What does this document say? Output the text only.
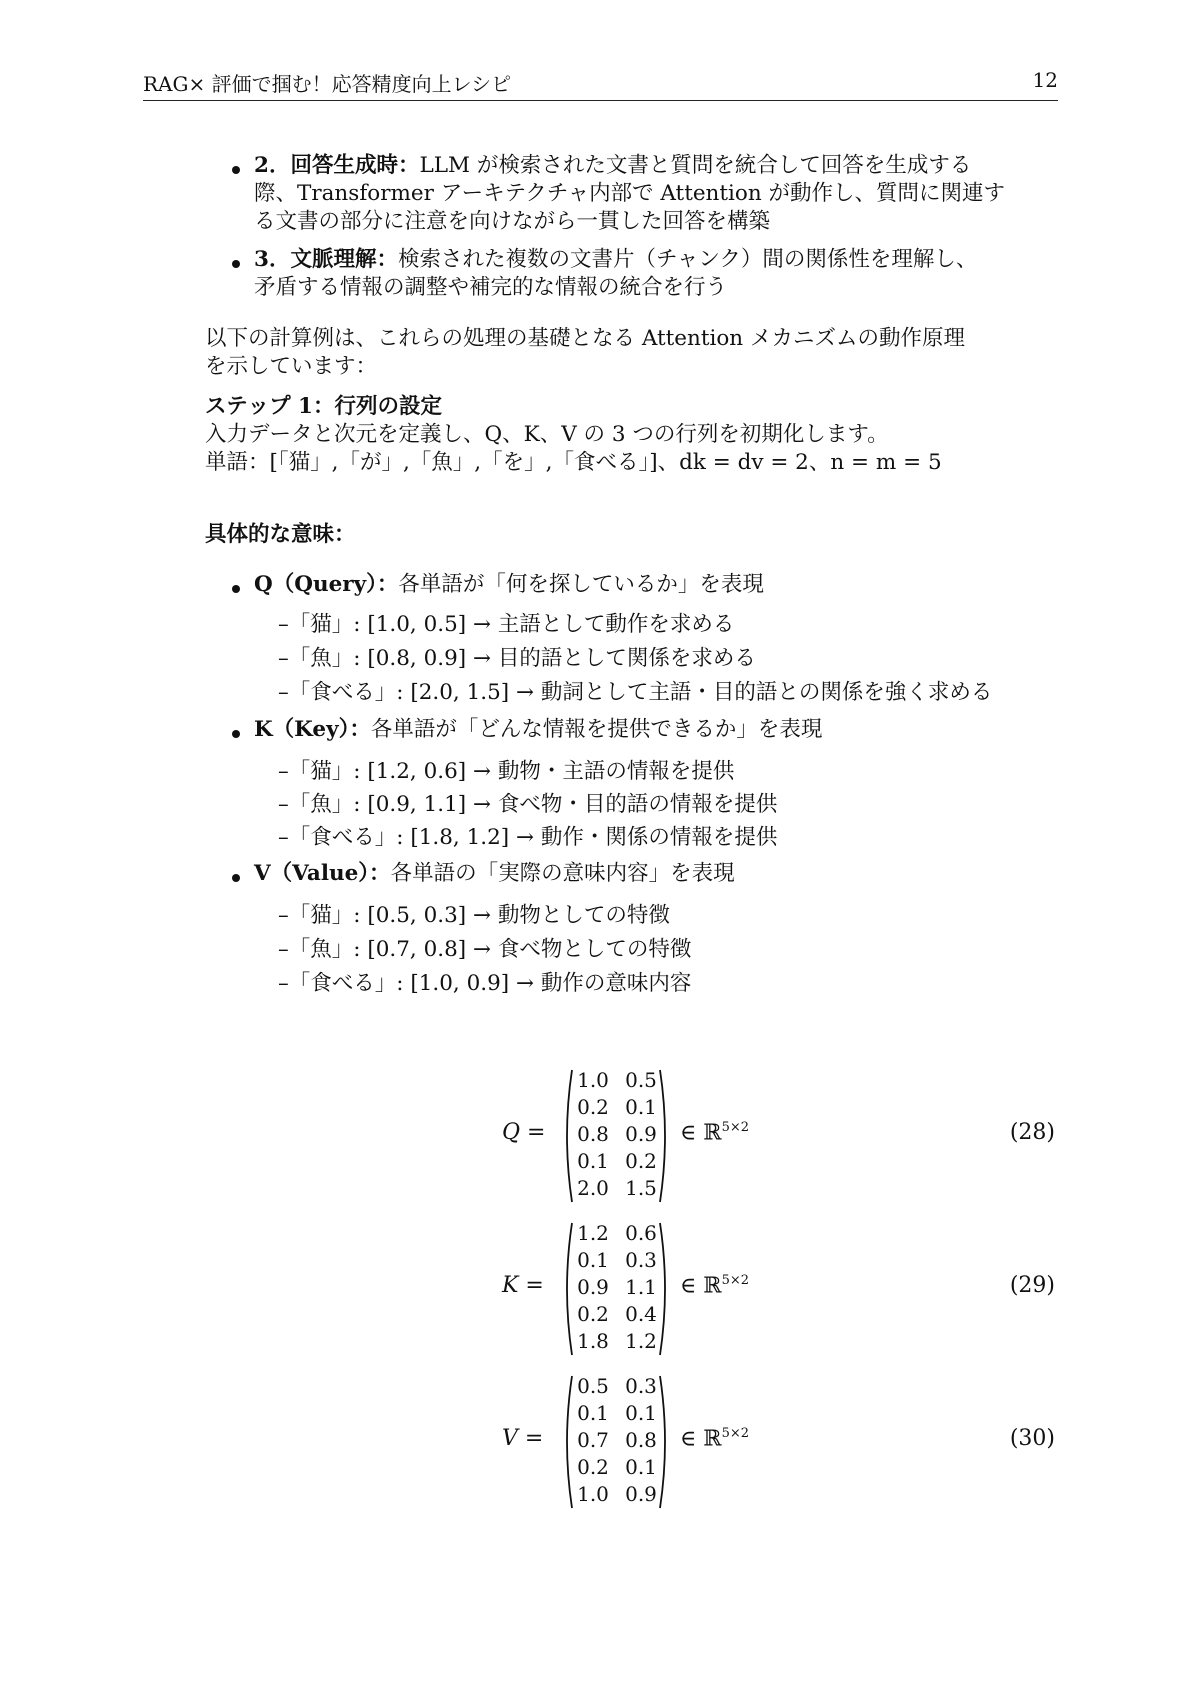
RAG× 評価で掴む！応答精度向上レシピ	12
2．回答生成時：LLM が検索された文書と質問を統合して回答を生成する
際、Transformer アーキテクチャ内部で Attention が動作し、質問に関連す
る文書の部分に注意を向けながら一貫した回答を構築
3．文脈理解：検索された複数の文書片（チャンク）間の関係性を理解し、
矛盾する情報の調整や補完的な情報の統合を行う
以下の計算例は、これらの処理の基礎となる Attention メカニズムの動作原理
を示しています：
ステップ 1：行列の設定
入力データと次元を定義し、Q、K、V の 3 つの行列を初期化します。
単語：[「猫」,「が」,「魚」,「を」,「食べる」]、dk = dv = 2、n = m = 5
具体的な意味：
Q（Query）：各単語が「何を探しているか」を表現
–「猫」: [1.0, 0.5] → 主語として動作を求める
–「魚」: [0.8, 0.9] → 目的語として関係を求める
–「食べる」: [2.0, 1.5] → 動詞として主語・目的語との関係を強く求める
K（Key）：各単語が「どんな情報を提供できるか」を表現
–「猫」: [1.2, 0.6] → 動物・主語の情報を提供
–「魚」: [0.9, 1.1] → 食べ物・目的語の情報を提供
–「食べる」: [1.8, 1.2] → 動作・関係の情報を提供
V（Value）：各単語の「実際の意味内容」を表現
–「猫」: [0.5, 0.3] → 動物としての特徴
–「魚」: [0.7, 0.8] → 食べ物としての特徴
–「食べる」: [1.0, 0.9] → 動作の意味内容
Q =
1.0 0.5
0.2 0.1
0.8 0.9
0.1 0.2
2.0 1.5
∈ ℝ$^{5\times 2}$	(28)
K =
1.2 0.6
0.1 0.3
0.9 1.1
0.2 0.4
1.8 1.2
∈ ℝ$^{5\times 2}$	(29)
V =
0.5 0.3
0.1 0.1
0.7 0.8
0.2 0.1
1.0 0.9
∈ ℝ$^{5\times 2}$	(30)
